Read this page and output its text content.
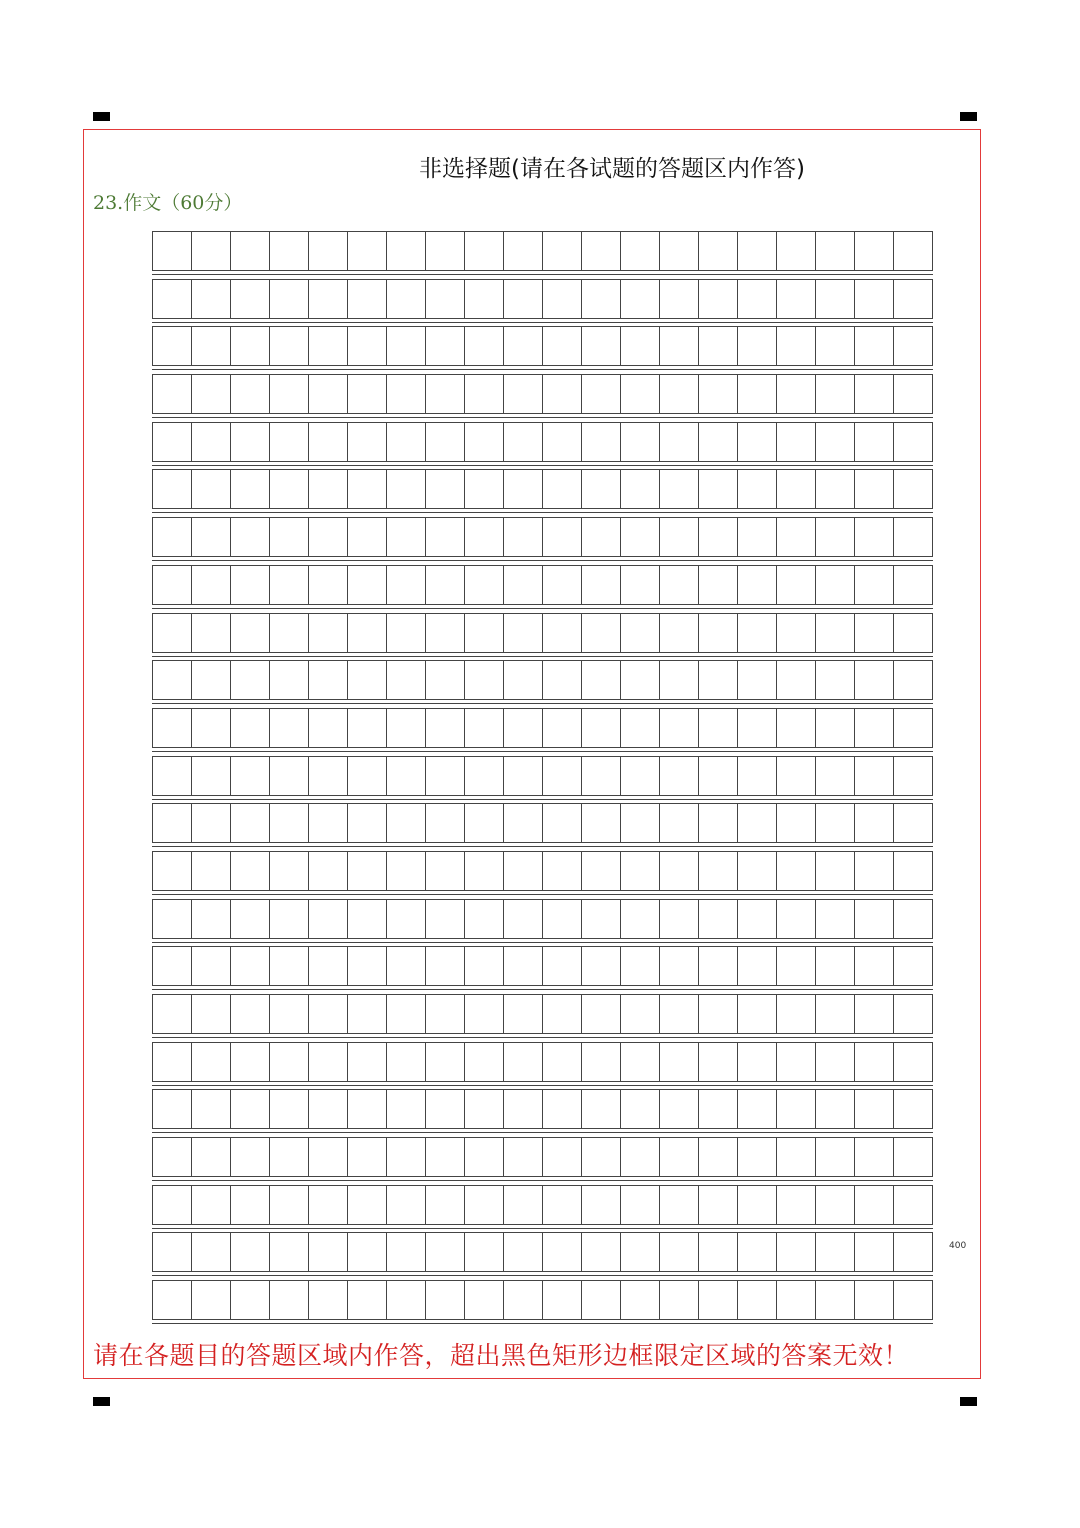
非选择题(请在各试题的答题区内作答)
23.作文（60分）
400
请在各题目的答题区域内作答，超出黑色矩形边框限定区域的答案无效！
